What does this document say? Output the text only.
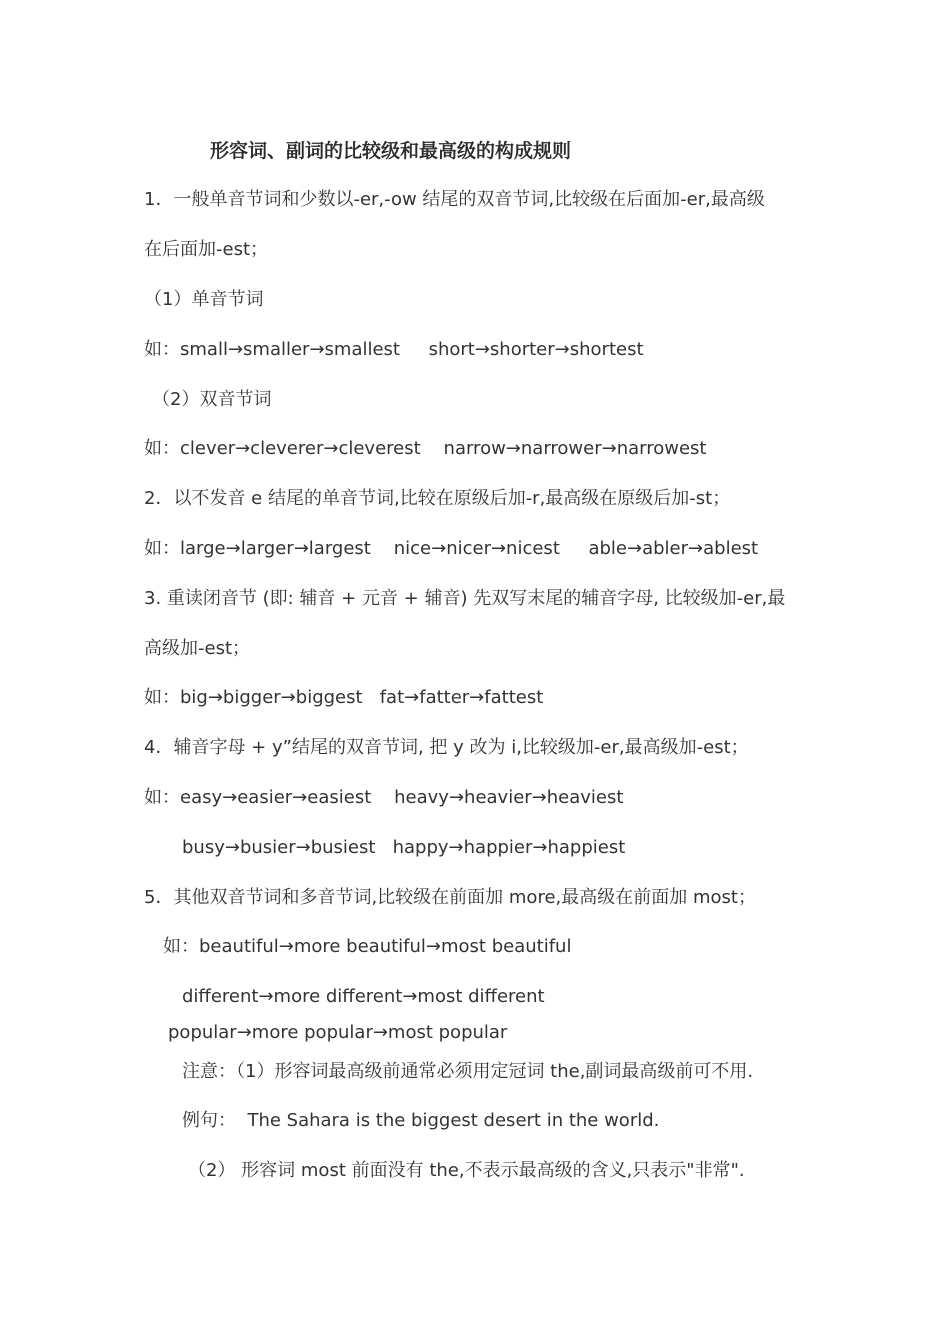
形容词、副词的比较级和最高级的构成规则
1．一般单音节词和少数以-er,-ow 结尾的双音节词,比较级在后面加-er,最高级
在后面加-est；
（1）单音节词
如：small→smaller→smallest     short→shorter→shortest
（2）双音节词
如：clever→cleverer→cleverest    narrow→narrower→narrowest
2．以不发音 e 结尾的单音节词,比较在原级后加-r,最高级在原级后加-st；
如：large→larger→largest    nice→nicer→nicest     able→abler→ablest
3. 重读闭音节 (即: 辅音 + 元音 + 辅音) 先双写末尾的辅音字母, 比较级加-er,最
高级加-est；
如：big→bigger→biggest   fat→fatter→fattest
4．辅音字母 + y”结尾的双音节词, 把 y 改为 i,比较级加-er,最高级加-est；
如：easy→easier→easiest    heavy→heavier→heaviest
busy→busier→busiest   happy→happier→happiest
5．其他双音节词和多音节词,比较级在前面加 more,最高级在前面加 most；
如：beautiful→more beautiful→most beautiful
different→more different→most different
popular→more popular→most popular
注意：（1）形容词最高级前通常必须用定冠词 the,副词最高级前可不用.
例句：  The Sahara is the biggest desert in the world.
（2） 形容词 most 前面没有 the,不表示最高级的含义,只表示"非常".
